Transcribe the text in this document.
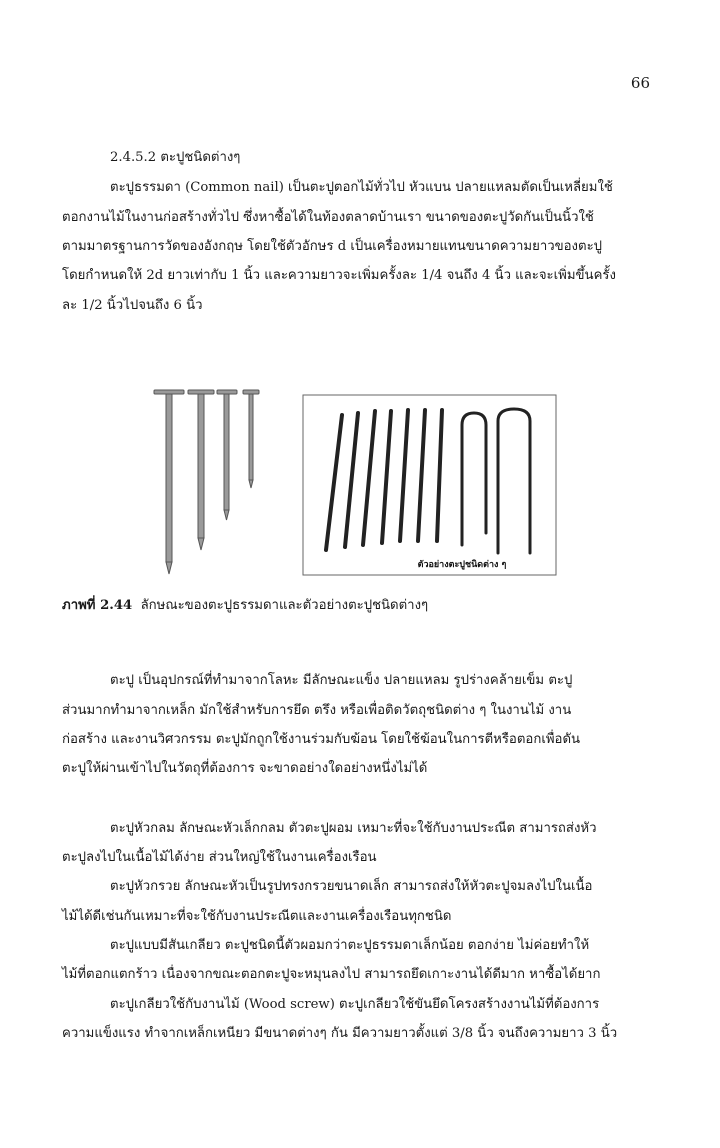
66
2.4.5.2 ตะปูชนิดต่างๆ
ตะปูธรรมดา (Common nail) เป็นตะปูตอกไม้ทั่วไป หัวแบน ปลายแหลมตัดเป็นเหลี่ยมใช้
ตอกงานไม้ในงานก่อสร้างทั่วไป ซึ่งหาซื้อได้ในท้องตลาดบ้านเรา ขนาดของตะปูวัดกันเป็นนิ้วใช้
ตามมาตรฐานการวัดของอังกฤษ โดยใช้ตัวอักษร d เป็นเครื่องหมายแทนขนาดความยาวของตะปู
โดยกำหนดให้ 2d ยาวเท่ากับ 1 นิ้ว และความยาวจะเพิ่มครั้งละ 1/4 จนถึง 4 นิ้ว และจะเพิ่มขึ้นครั้ง
ละ 1/2 นิ้วไปจนถึง 6 นิ้ว
ตัวอย่างตะปูชนิดต่าง ๆ
ภาพที่ 2.44 ลักษณะของตะปูธรรมดาและตัวอย่างตะปูชนิดต่างๆ
ตะปู เป็นอุปกรณ์ที่ทำมาจากโลหะ มีลักษณะแข็ง ปลายแหลม รูปร่างคล้ายเข็ม ตะปู
ส่วนมากทำมาจากเหล็ก มักใช้สำหรับการยึด ตรึง หรือเพื่อติดวัตถุชนิดต่าง ๆ ในงานไม้ งาน
ก่อสร้าง และงานวิศวกรรม ตะปูมักถูกใช้งานร่วมกับฆ้อน โดยใช้ฆ้อนในการตีหรือตอกเพื่อดัน
ตะปูให้ผ่านเข้าไปในวัตถุที่ต้องการ จะขาดอย่างใดอย่างหนึ่งไม่ได้
ตะปูหัวกลม ลักษณะหัวเล็กกลม ตัวตะปูผอม เหมาะที่จะใช้กับงานประณีต สามารถส่งหัว
ตะปูลงไปในเนื้อไม้ได้ง่าย ส่วนใหญ่ใช้ในงานเครื่องเรือน
ตะปูหัวกรวย ลักษณะหัวเป็นรูปทรงกรวยขนาดเล็ก สามารถส่งให้หัวตะปูจมลงไปในเนื้อ
ไม้ได้ดีเช่นกันเหมาะที่จะใช้กับงานประณีตและงานเครื่องเรือนทุกชนิด
ตะปูแบบมีสันเกลียว ตะปูชนิดนี้ตัวผอมกว่าตะปูธรรมดาเล็กน้อย ตอกง่าย ไม่ค่อยทำให้
ไม้ที่ตอกแตกร้าว เนื่องจากขณะตอกตะปูจะหมุนลงไป สามารถยึดเกาะงานได้ดีมาก หาซื้อได้ยาก
ตะปูเกลียวใช้กับงานไม้ (Wood screw) ตะปูเกลียวใช้ขันยึดโครงสร้างงานไม้ที่ต้องการ
ความแข็งแรง ทำจากเหล็กเหนียว มีขนาดต่างๆ กัน มีความยาวตั้งแต่ 3/8 นิ้ว จนถึงความยาว 3 นิ้ว
